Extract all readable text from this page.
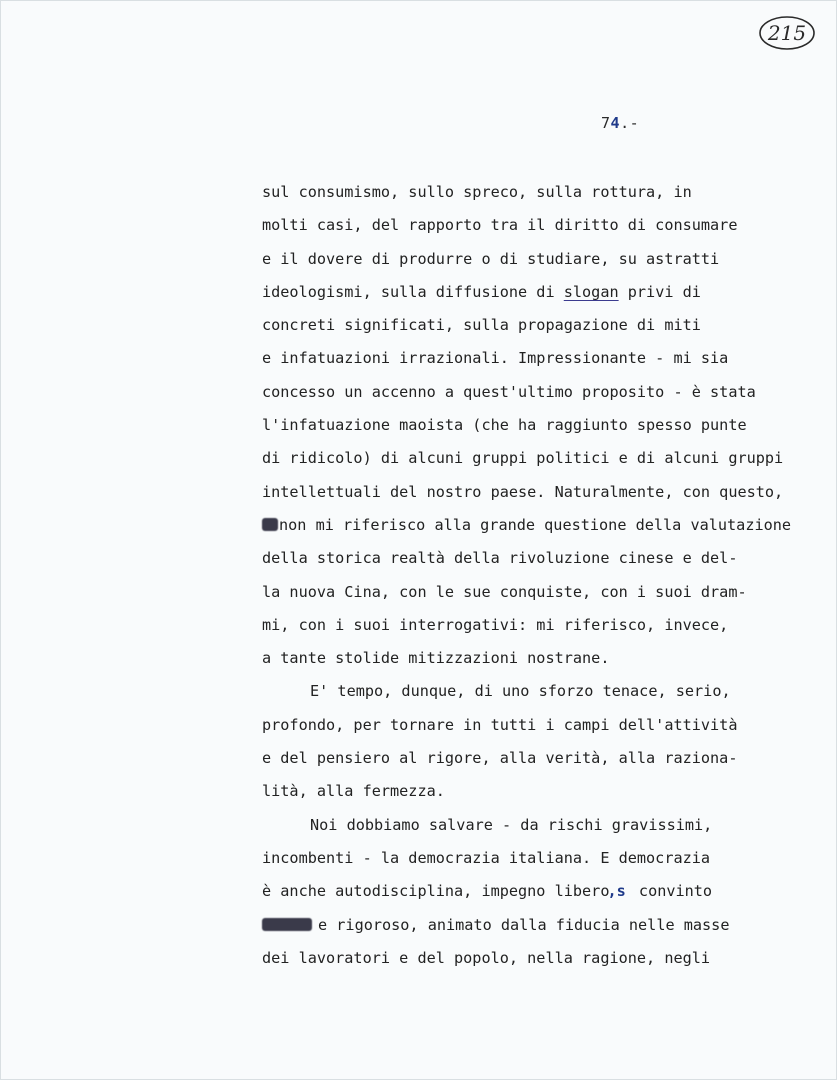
215
74.-
sul consumismo, sullo spreco, sulla rottura, in
molti casi, del rapporto tra il diritto di consumare
e il dovere di produrre o di studiare, su astratti
ideologismi, sulla diffusione di slogan privi di
concreti significati, sulla propagazione di miti
e infatuazioni irrazionali. Impressionante - mi sia
concesso un accenno a quest'ultimo proposito - è stata
l'infatuazione maoista (che ha raggiunto spesso punte
di ridicolo) di alcuni gruppi politici e di alcuni gruppi
intellettuali del nostro paese. Naturalmente, con questo,
non mi riferisco alla grande questione della valutazione
della storica realtà della rivoluzione cinese e del-
la nuova Cina, con le sue conquiste, con i suoi dram-
mi, con i suoi interrogativi: mi riferisco, invece,
a tante stolide mitizzazioni nostrane.
E' tempo, dunque, di uno sforzo tenace, serio,
profondo, per tornare in tutti i campi dell'attività
e del pensiero al rigore, alla verità, alla raziona-
lità, alla fermezza.
Noi dobbiamo salvare - da rischi gravissimi,
incombenti - la democrazia italiana. E democrazia
è anche autodisciplina, impegno libero,s convinto
e rigoroso, animato dalla fiducia nelle masse
dei lavoratori e del popolo, nella ragione, negli
